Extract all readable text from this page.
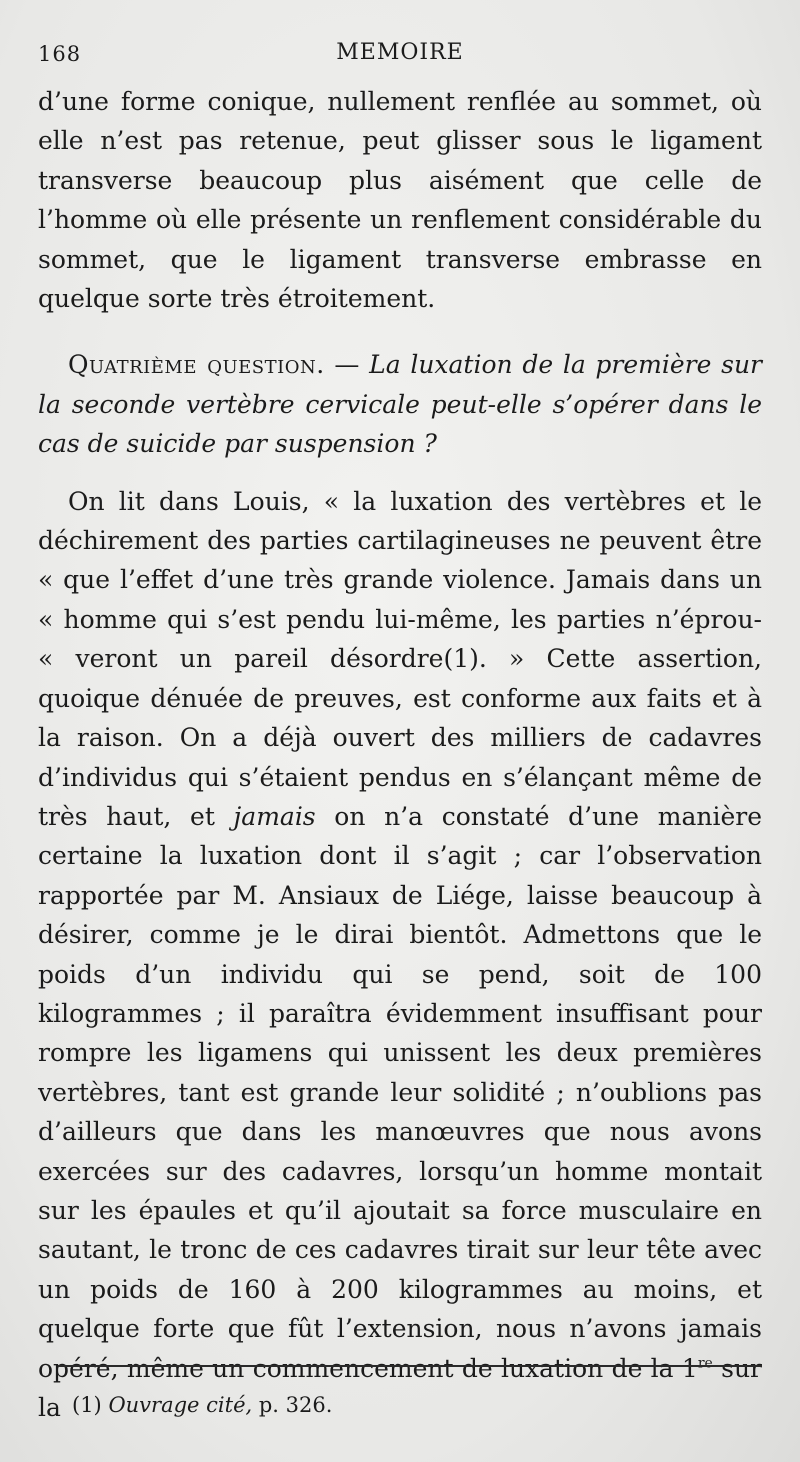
168	MEMOIRE

d’une forme conique, nullement renflée au sommet, où elle n’est pas retenue, peut glisser sous le ligament transverse beaucoup plus aisément que celle de l’homme où elle présente un renflement considérable du sommet, que le ligament transverse embrasse en quelque sorte très étroitement.

Quatrième question. — La luxation de la première sur la seconde vertèbre cervicale peut-elle s’opérer dans le cas de suicide par suspension ?

On lit dans Louis, « la luxation des vertèbres et le déchirement des parties cartilagineuses ne peuvent être « que l’effet d’une très grande violence. Jamais dans un « homme qui s’est pendu lui-même, les parties n’éprou- « veront un pareil désordre(1). » Cette assertion, quoique dénuée de preuves, est conforme aux faits et à la raison. On a déjà ouvert des milliers de cadavres d’individus qui s’étaient pendus en s’élançant même de très haut, et jamais on n’a constaté d’une manière certaine la luxation dont il s’agit ; car l’observation rapportée par M. Ansiaux de Liége, laisse beaucoup à désirer, comme je le dirai bientôt. Admettons que le poids d’un individu qui se pend, soit de 100 kilogrammes ; il paraîtra évidemment insuffisant pour rompre les ligamens qui unissent les deux premières vertèbres, tant est grande leur solidité ; n’oublions pas d’ailleurs que dans les manœuvres que nous avons exercées sur des cadavres, lorsqu’un homme montait sur les épaules et qu’il ajoutait sa force musculaire en sautant, le tronc de ces cadavres tirait sur leur tête avec un poids de 160 à 200 kilogrammes au moins, et quelque forte que fût l’extension, nous n’avons jamais opéré, même un commencement de luxation de la 1re sur la (1) Ouvrage cité, p. 326.
